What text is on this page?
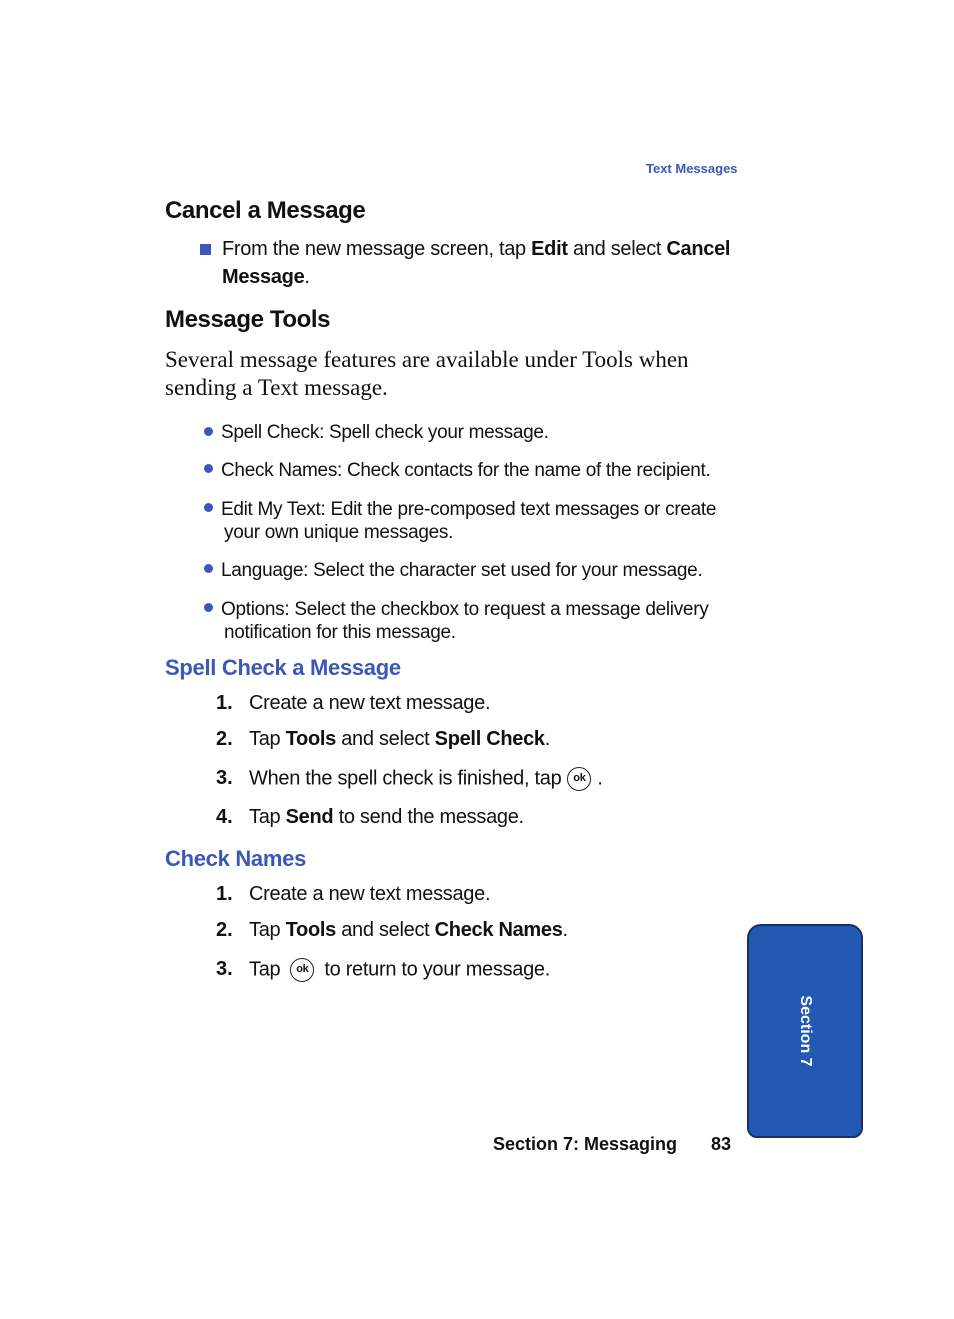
Text Messages
Cancel a Message
From the new message screen, tap Edit and select Cancel
Message.
Message Tools
Several message features are available under Tools when sending a Text message.
Spell Check: Spell check your message.
Check Names: Check contacts for the name of the recipient.
Edit My Text: Edit the pre-composed text messages or create
your own unique messages.
Language: Select the character set used for your message.
Options: Select the checkbox to request a message delivery
notification for this message.
Spell Check a Message
1. Create a new text message.
2. Tap Tools and select Spell Check.
3. When the spell check is finished, tap	ok .
4. Tap Send to send the message.
Check Names
1. Create a new text message.
2. Tap Tools and select Check Names.
3. Tap	ok to return to your message.
Section 7
Section 7: Messaging 83
